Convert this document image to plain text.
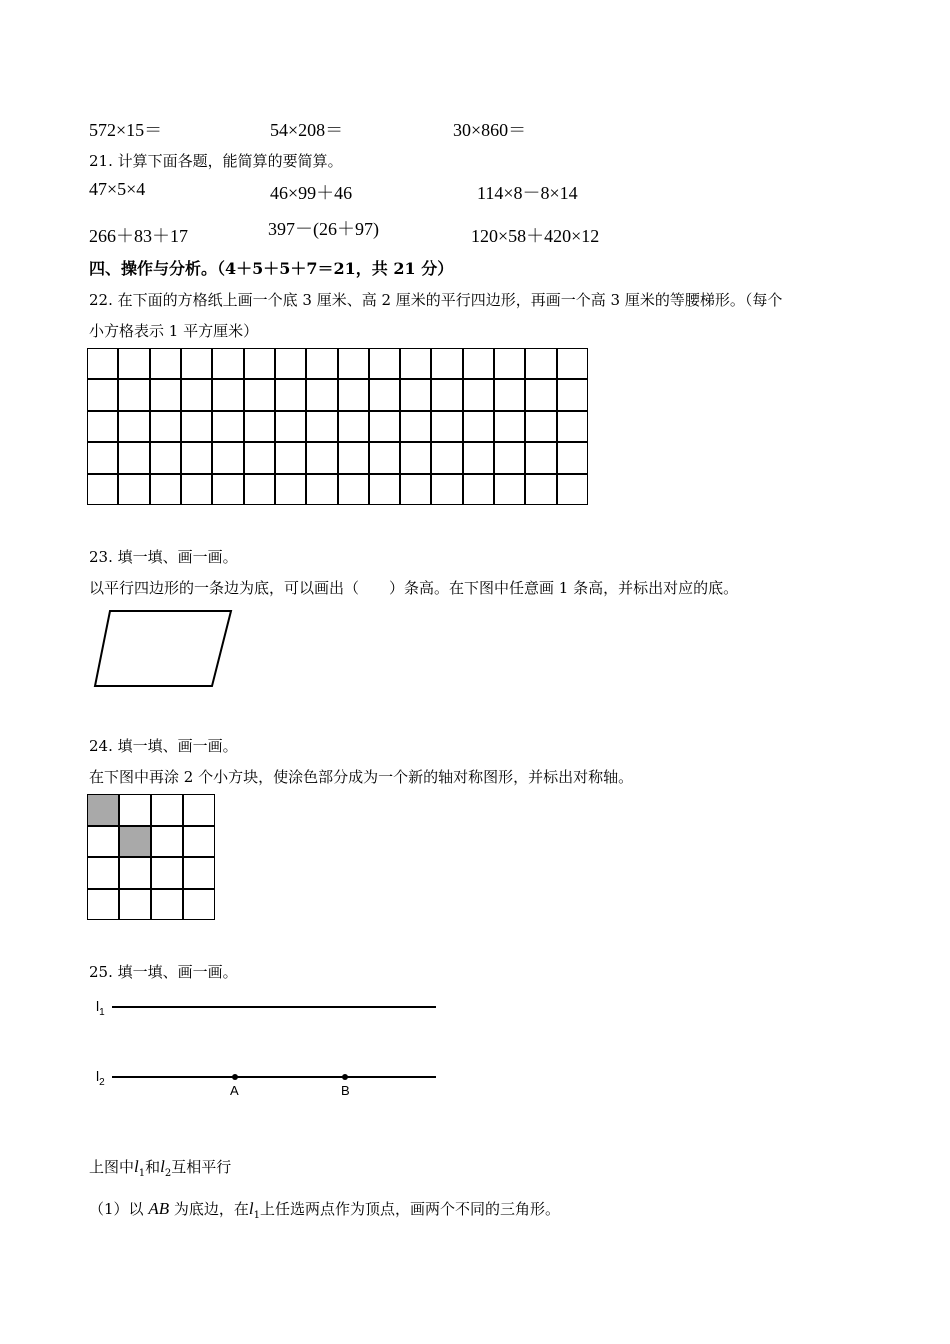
572×15＝	54×208＝	30×860＝
21. 计算下面各题，能简算的要简算。
47×5×4	46×99＋46	114×8－8×14
266＋83＋17	397－(26＋97)	120×58＋420×12
四、操作与分析。（4＋5＋5＋7＝21，共 21 分）
22. 在下面的方格纸上画一个底 3 厘米、高 2 厘米的平行四边形，再画一个高 3 厘米的等腰梯形。（每个
小方格表示 1 平方厘米）
23. 填一填、画一画。
以平行四边形的一条边为底，可以画出（　　）条高。在下图中任意画 1 条高，并标出对应的底。
24. 填一填、画一画。
在下图中再涂 2 个小方块，使涂色部分成为一个新的轴对称图形，并标出对称轴。
25. 填一填、画一画。
$l_1$
$l_2$
A	B
上图中$l_1$和$l_2$互相平行
（1）以 AB 为底边，在$l_1$上任选两点作为顶点，画两个不同的三角形。
